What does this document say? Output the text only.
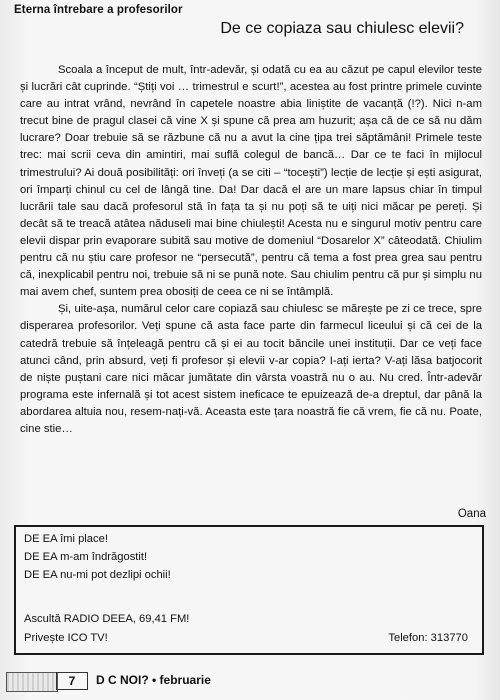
Eterna întrebare a profesorilor
De ce copiaza sau chiulesc elevii?

Scoala a început de mult, într-adevăr, și odată cu ea au căzut pe capul elevilor teste și lucrări cât cuprinde. “Știți voi … trimestrul e scurt!”, acestea au fost printre primele cuvinte care au intrat vrând, nevrând în capetele noastre abia liniștite de vacanță (!?). Nici n-am trecut bine de pragul clasei că vine X și spune că prea am huzurit; așa că de ce să nu dăm lucrare? Doar trebuie să se răzbune că nu a avut la cine țipa trei săptămâni! Primele teste trec: mai scrii ceva din amintiri, mai suflă colegul de bancă… Dar ce te faci în mijlocul trimestrului? Ai două posibilități: ori înveți (a se citi – “tocești”) lecție de lecție și ești asigurat, ori împarți chinul cu cel de lângă tine. Da! Dar dacă el are un mare lapsus chiar în timpul lucrării tale sau dacă profesorul stă în fața ta și nu poți să te uiți nici măcar pe pereți. Și decât să te treacă atâtea năduseli mai bine chiulești! Acesta nu e singurul motiv pentru care elevii dispar prin evaporare subită sau motive de domeniul “Dosarelor X” câteodată. Chiulim pentru că nu știu care profesor ne “persecută”, pentru că tema a fost prea grea sau pentru că, inexplicabil pentru noi, trebuie să ni se pună note. Sau chiulim pentru că pur și simplu nu mai avem chef, suntem prea obosiți de ceea ce ni se întâmplă.

Și, uite-așa, numărul celor care copiază sau chiulesc se mărește pe zi ce trece, spre disperarea profesorilor. Veți spune că asta face parte din farmecul liceului și că cei de la catedră trebuie să înțeleagă pentru că și ei au tocit băncile unei instituții. Dar ce veți face atunci când, prin absurd, veți fi profesor și elevii v-ar copia? I-ați ierta? V-ați lăsa batjocorit de niște puștani care nici măcar jumătate din vârsta voastră nu o au. Nu cred. Într-adevăr programa este infernală și tot acest sistem ineficace te epuizează de-a dreptul, dar până la abordarea altuia nou, resem-nați-vă. Aceasta este țara noastră fie că vrem, fie că nu. Poate, cine stie…

Oana
DE EA îmi place!
DE EA m-am îndrăgostit!
DE EA nu-mi pot dezlipi ochii!
Ascultă RADIO DEEA, 69,41 FM!
Privește ICO TV!	Telefon: 313770
7	D C NOI? • februarie
